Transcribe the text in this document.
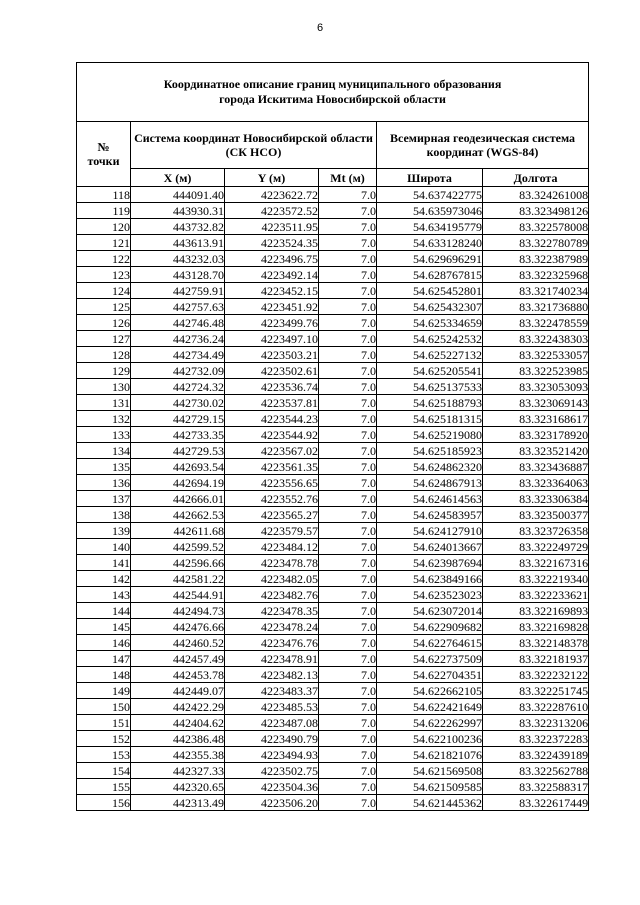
6
Координатное описание границ муниципального образования
города Искитима Новосибирской области					
№
точки	Система координат Новосибирской области (СК НСО)			Всемирная геодезическая система координат (WGS-84)	
	X (м)	Y (м)	Mt (м)	Широта	Долгота
118	444091.40	4223622.72	7.0	54.637422775	83.324261008
119	443930.31	4223572.52	7.0	54.635973046	83.323498126
120	443732.82	4223511.95	7.0	54.634195779	83.322578008
121	443613.91	4223524.35	7.0	54.633128240	83.322780789
122	443232.03	4223496.75	7.0	54.629696291	83.322387989
123	443128.70	4223492.14	7.0	54.628767815	83.322325968
124	442759.91	4223452.15	7.0	54.625452801	83.321740234
125	442757.63	4223451.92	7.0	54.625432307	83.321736880
126	442746.48	4223499.76	7.0	54.625334659	83.322478559
127	442736.24	4223497.10	7.0	54.625242532	83.322438303
128	442734.49	4223503.21	7.0	54.625227132	83.322533057
129	442732.09	4223502.61	7.0	54.625205541	83.322523985
130	442724.32	4223536.74	7.0	54.625137533	83.323053093
131	442730.02	4223537.81	7.0	54.625188793	83.323069143
132	442729.15	4223544.23	7.0	54.625181315	83.323168617
133	442733.35	4223544.92	7.0	54.625219080	83.323178920
134	442729.53	4223567.02	7.0	54.625185923	83.323521420
135	442693.54	4223561.35	7.0	54.624862320	83.323436887
136	442694.19	4223556.65	7.0	54.624867913	83.323364063
137	442666.01	4223552.76	7.0	54.624614563	83.323306384
138	442662.53	4223565.27	7.0	54.624583957	83.323500377
139	442611.68	4223579.57	7.0	54.624127910	83.323726358
140	442599.52	4223484.12	7.0	54.624013667	83.322249729
141	442596.66	4223478.78	7.0	54.623987694	83.322167316
142	442581.22	4223482.05	7.0	54.623849166	83.322219340
143	442544.91	4223482.76	7.0	54.623523023	83.322233621
144	442494.73	4223478.35	7.0	54.623072014	83.322169893
145	442476.66	4223478.24	7.0	54.622909682	83.322169828
146	442460.52	4223476.76	7.0	54.622764615	83.322148378
147	442457.49	4223478.91	7.0	54.622737509	83.322181937
148	442453.78	4223482.13	7.0	54.622704351	83.322232122
149	442449.07	4223483.37	7.0	54.622662105	83.322251745
150	442422.29	4223485.53	7.0	54.622421649	83.322287610
151	442404.62	4223487.08	7.0	54.622262997	83.322313206
152	442386.48	4223490.79	7.0	54.622100236	83.322372283
153	442355.38	4223494.93	7.0	54.621821076	83.322439189
154	442327.33	4223502.75	7.0	54.621569508	83.322562788
155	442320.65	4223504.36	7.0	54.621509585	83.322588317
156	442313.49	4223506.20	7.0	54.621445362	83.322617449
